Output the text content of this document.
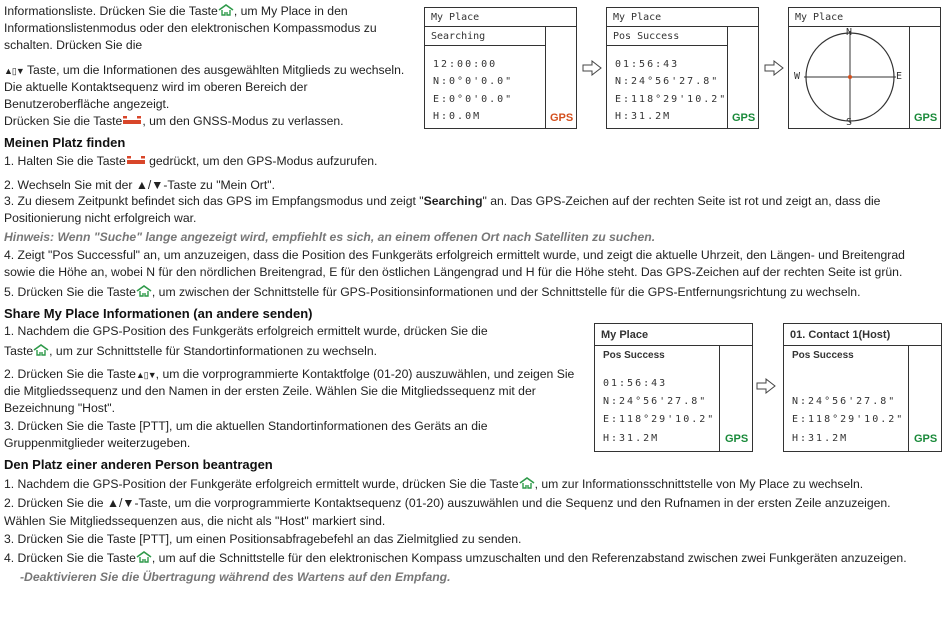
Informationsliste. Drücken Sie die Taste , um My Place in den
Informationslistenmodus oder den elektronischen Kompassmodus zu
schalten. Drücken Sie die
▲▯▼ Taste, um die Informationen des ausgewählten Mitglieds zu wechseln.
Die aktuelle Kontaktsequenz wird im oberen Bereich der
Benutzeroberfläche angezeigt.
Drücken Sie die Taste , um den GNSS-Modus zu verlassen.
Meinen Platz finden
1. Halten Sie die Taste gedrückt, um den GPS-Modus aufzurufen.
2. Wechseln Sie mit der ▲/▼-Taste zu "Mein Ort".
3. Zu diesem Zeitpunkt befindet sich das GPS im Empfangsmodus und zeigt "Searching" an. Das GPS-Zeichen auf der rechten Seite ist rot und zeigt an, dass die
Positionierung nicht erfolgreich war.
Hinweis: Wenn "Suche" lange angezeigt wird, empfiehlt es sich, an einem offenen Ort nach Satelliten zu suchen.
4. Zeigt "Pos Successful" an, um anzuzeigen, dass die Position des Funkgeräts erfolgreich ermittelt wurde, und zeigt die aktuelle Uhrzeit, den Längen- und Breitengrad
sowie die Höhe an, wobei N für den nördlichen Breitengrad, E für den östlichen Längengrad und H für die Höhe steht. Das GPS-Zeichen auf der rechten Seite ist grün.
5. Drücken Sie die Taste , um zwischen der Schnittstelle für GPS-Positionsinformationen und der Schnittstelle für die GPS-Entfernungsrichtung zu wechseln.
Share My Place Informationen (an andere senden)
1. Nachdem die GPS-Position des Funkgeräts erfolgreich ermittelt wurde, drücken Sie die
Taste , um zur Schnittstelle für Standortinformationen zu wechseln.
2. Drücken Sie die Taste▲▯▼, um die vorprogrammierte Kontaktfolge (01-20) auszuwählen, und zeigen Sie
die Mitgliedssequenz und den Namen in der ersten Zeile. Wählen Sie die Mitgliedssequenz mit der
Bezeichnung "Host".
3. Drücken Sie die Taste [PTT], um die aktuellen Standortinformationen des Geräts an die
Gruppenmitglieder weiterzugeben.
Den Platz einer anderen Person beantragen
1. Nachdem die GPS-Position der Funkgeräte erfolgreich ermittelt wurde, drücken Sie die Taste , um zur Informationsschnittstelle von My Place zu wechseln.
2. Drücken Sie die ▲/▼-Taste, um die vorprogrammierte Kontaktsequenz (01-20) auszuwählen und die Sequenz und den Rufnamen in der ersten Zeile anzuzeigen.
Wählen Sie Mitgliedssequenzen aus, die nicht als "Host" markiert sind.
3. Drücken Sie die Taste [PTT], um einen Positionsabfragebefehl an das Zielmitglied zu senden.
4. Drücken Sie die Taste , um auf die Schnittstelle für den elektronischen Kompass umzuschalten und den Referenzabstand zwischen zwei Funkgeräten anzuzeigen.
-Deaktivieren Sie die Übertragung während des Wartens auf den Empfang.
My Place
Searching
12:00:00
N:0°0'0.0"
E:0°0'0.0"
H:0.0M	GPS
My Place
Pos Success
01:56:43
N:24°56'27.8"
E:118°29'10.2"
H:31.2M	GPS
My Place
N
S
W	E
GPS
My Place
Pos Success
01:56:43
N:24°56'27.8"
E:118°29'10.2"
H:31.2M	GPS
01. Contact 1(Host)
Pos Success
N:24°56'27.8"
E:118°29'10.2"
H:31.2M	GPS
